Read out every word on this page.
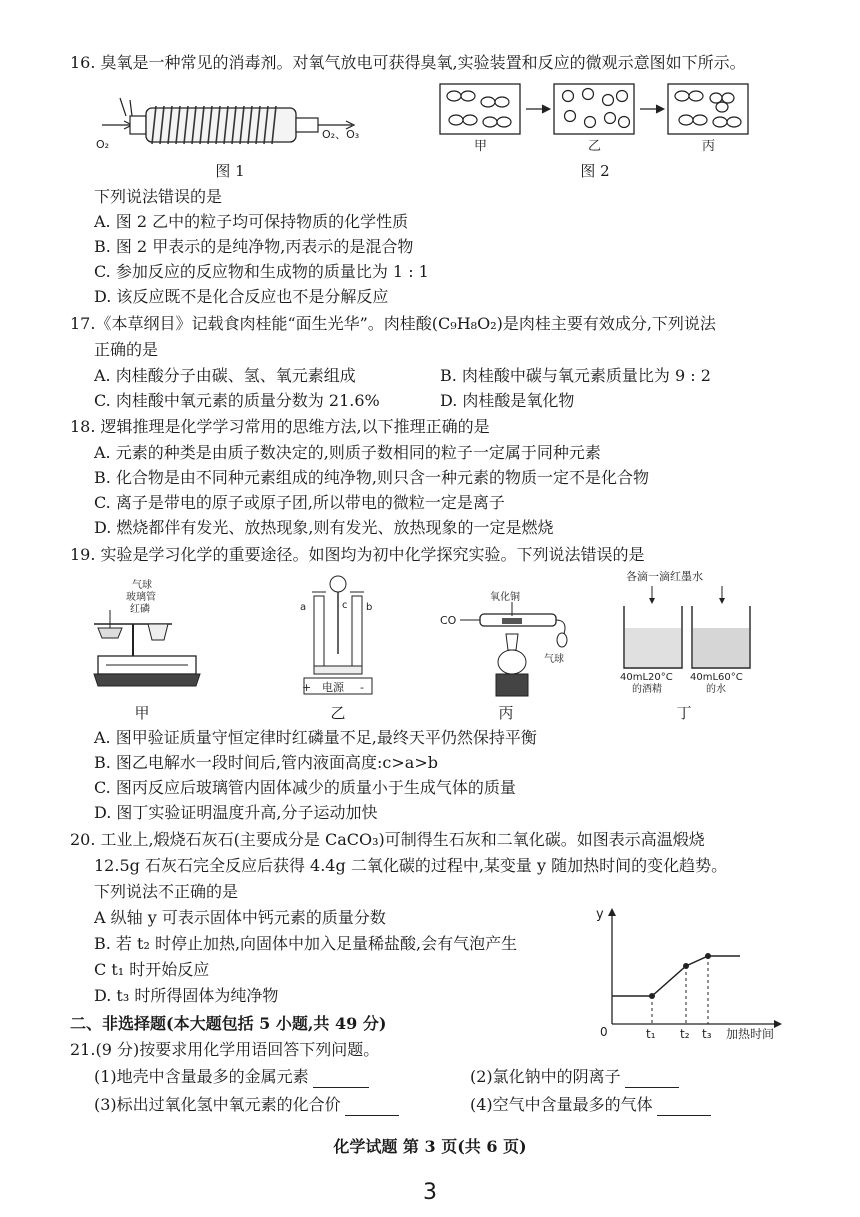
16. 臭氧是一种常见的消毒剂。对氧气放电可获得臭氧,实验装置和反应的微观示意图如下所示。
O₂
O₂、O₃
图 1
甲	乙	丙
图 2
下列说法错误的是
A. 图 2 乙中的粒子均可保持物质的化学性质
B. 图 2 甲表示的是纯净物,丙表示的是混合物
C. 参加反应的反应物和生成物的质量比为 1 : 1
D. 该反应既不是化合反应也不是分解反应
17.《本草纲目》记载食肉桂能“面生光华”。肉桂酸(C₉H₈O₂)是肉桂主要有效成分,下列说法
正确的是
A. 肉桂酸分子由碳、氢、氧元素组成	B. 肉桂酸中碳与氧元素质量比为 9 : 2
C. 肉桂酸中氧元素的质量分数为 21.6%	D. 肉桂酸是氧化物
18. 逻辑推理是化学学习常用的思维方法,以下推理正确的是
A. 元素的种类是由质子数决定的,则质子数相同的粒子一定属于同种元素
B. 化合物是由不同种元素组成的纯净物,则只含一种元素的物质一定不是化合物
C. 离子是带电的原子或原子团,所以带电的微粒一定是离子
D. 燃烧都伴有发光、放热现象,则有发光、放热现象的一定是燃烧
19. 实验是学习化学的重要途径。如图均为初中化学探究实验。下列说法错误的是
气球
玻璃管
红磷
甲
a	c b
+ 电源 -
乙
氧化铜
CO
气球
丙
各滴一滴红墨水
40mL20°C
的酒精
40mL60°C
的水
丁
A. 图甲验证质量守恒定律时红磷量不足,最终天平仍然保持平衡
B. 图乙电解水一段时间后,管内液面高度:c>a>b
C. 图丙反应后玻璃管内固体减少的质量小于生成气体的质量
D. 图丁实验证明温度升高,分子运动加快
20. 工业上,煅烧石灰石(主要成分是 CaCO₃)可制得生石灰和二氧化碳。如图表示高温煅烧
12.5g 石灰石完全反应后获得 4.4g 二氧化碳的过程中,某变量 y 随加热时间的变化趋势。
下列说法不正确的是
A 纵轴 y 可表示固体中钙元素的质量分数
B. 若 t₂ 时停止加热,向固体中加入足量稀盐酸,会有气泡产生
C t₁ 时开始反应
D. t₃ 时所得固体为纯净物
y
0	t₁ t₂ t₃ 加热时间
二、非选择题(本大题包括 5 小题,共 49 分)
21.(9 分)按要求用化学用语回答下列问题。
(1)地壳中含量最多的金属元素	(2)氯化钠中的阴离子
(3)标出过氧化氢中氧元素的化合价	(4)空气中含量最多的气体
化学试题 第 3 页(共 6 页)
3
